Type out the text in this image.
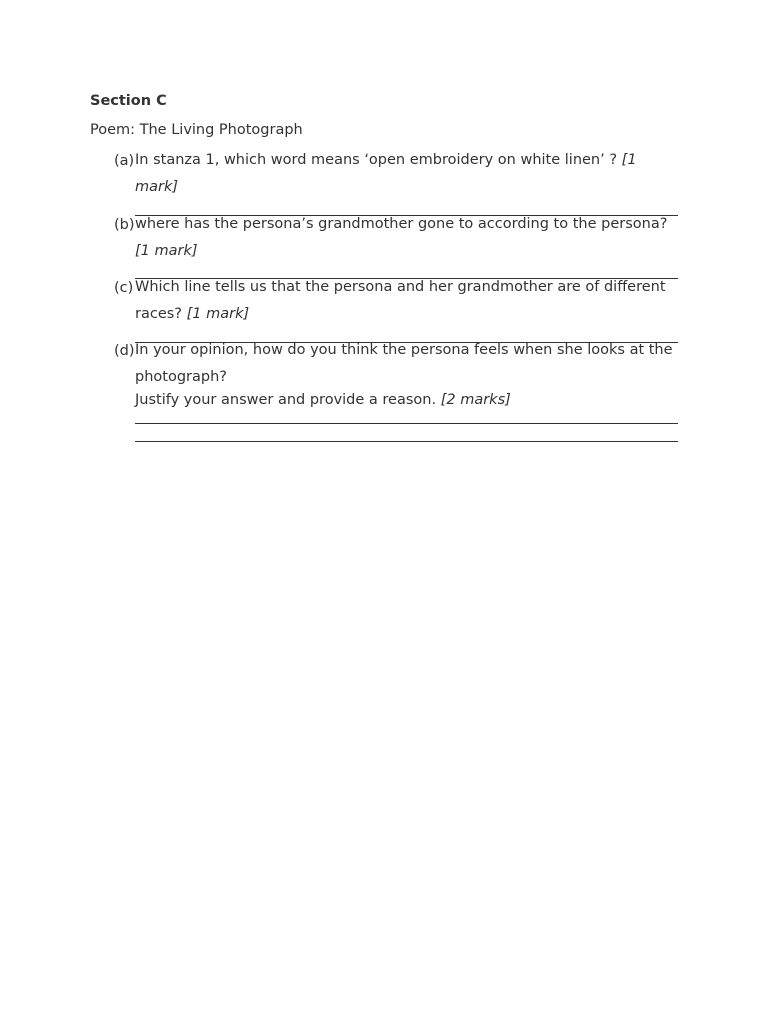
Section C
Poem: The Living Photograph
(a) In stanza 1, which word means ‘open embroidery on white linen’ ? [1 mark]
(b) where has the persona’s grandmother gone to according to the persona? [1 mark]
(c) Which line tells us that the persona and her grandmother are of different races? [1 mark]
(d) In your opinion, how do you think the persona feels when she looks at the photograph?
Justify your answer and provide a reason. [2 marks]
